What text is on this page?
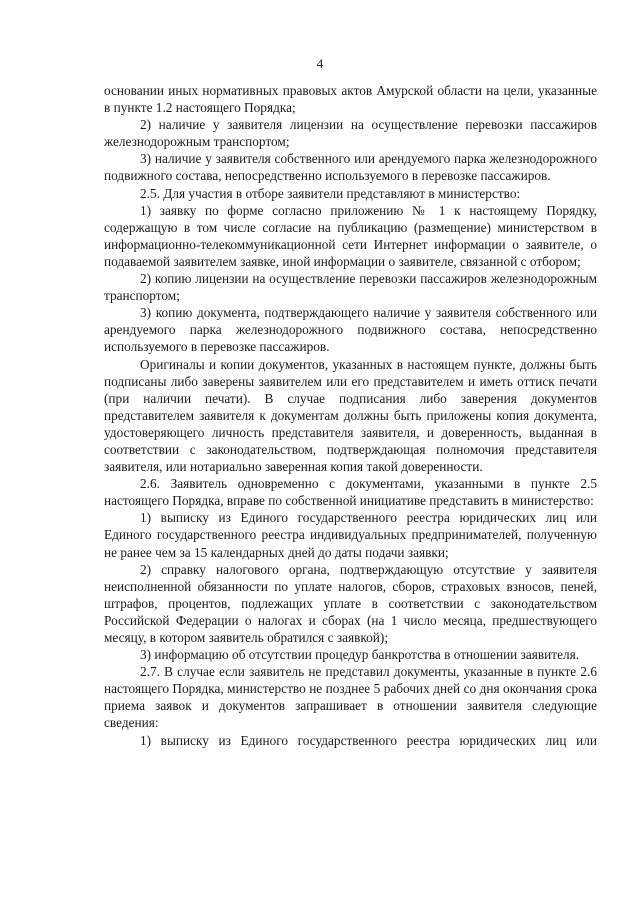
4

основании иных нормативных правовых актов Амурской области на цели, указанные в пункте 1.2 настоящего Порядка;

2) наличие у заявителя лицензии на осуществление перевозки пассажиров железнодорожным транспортом;

3) наличие у заявителя собственного или арендуемого парка железнодорожного подвижного состава, непосредственно используемого в перевозке пассажиров.

2.5. Для участия в отборе заявители представляют в министерство:

1) заявку по форме согласно приложению № 1 к настоящему Порядку, содержащую в том числе согласие на публикацию (размещение) министерством в информационно-телекоммуникационной сети Интернет информации о заявителе, о подаваемой заявителем заявке, иной информации о заявителе, связанной с отбором;

2) копию лицензии на осуществление перевозки пассажиров железнодорожным транспортом;

3) копию документа, подтверждающего наличие у заявителя собственного или арендуемого парка железнодорожного подвижного состава, непосредственно используемого в перевозке пассажиров.

Оригиналы и копии документов, указанных в настоящем пункте, должны быть подписаны либо заверены заявителем или его представителем и иметь оттиск печати (при наличии печати). В случае подписания либо заверения документов представителем заявителя к документам должны быть приложены копия документа, удостоверяющего личность представителя заявителя, и доверенность, выданная в соответствии с законодательством, подтверждающая полномочия представителя заявителя, или нотариально заверенная копия такой доверенности.

2.6. Заявитель одновременно с документами, указанными в пункте 2.5 настоящего Порядка, вправе по собственной инициативе представить в министерство:

1) выписку из Единого государственного реестра юридических лиц или Единого государственного реестра индивидуальных предпринимателей, полученную не ранее чем за 15 календарных дней до даты подачи заявки;

2) справку налогового органа, подтверждающую отсутствие у заявителя неисполненной обязанности по уплате налогов, сборов, страховых взносов, пеней, штрафов, процентов, подлежащих уплате в соответствии с законодательством Российской Федерации о налогах и сборах (на 1 число месяца, предшествующего месяцу, в котором заявитель обратился с заявкой);

3) информацию об отсутствии процедур банкротства в отношении заявителя.

2.7. В случае если заявитель не представил документы, указанные в пункте 2.6 настоящего Порядка, министерство не позднее 5 рабочих дней со дня окончания срока приема заявок и документов запрашивает в отношении заявителя следующие сведения:

1) выписку из Единого государственного реестра юридических лиц или
